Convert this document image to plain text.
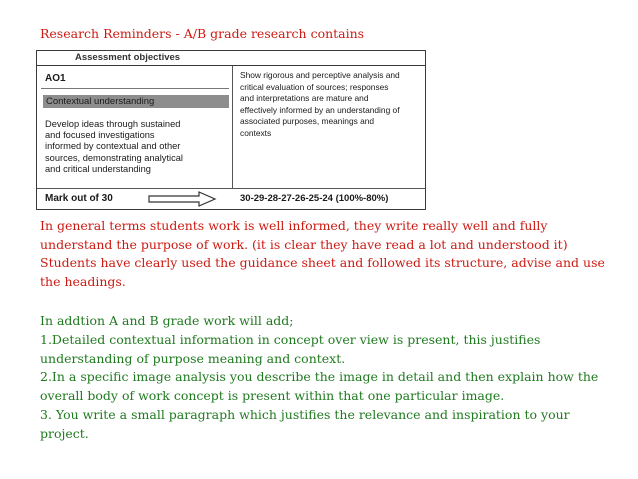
Research Reminders - A/B grade research contains
Assessment objectives
AO1
Contextual understanding
Develop ideas through sustained
and focused investigations
informed by contextual and other
sources, demonstrating analytical
and critical understanding
Show rigorous and perceptive analysis and
critical evaluation of sources; responses
and interpretations are mature and
effectively informed by an understanding of
associated purposes, meanings and
contexts
Mark out of 30	30-29-28-27-26-25-24 (100%-80%)
In general terms students work is well informed, they write really well and fully
understand the purpose of work. (it is clear they have read a lot and understood it)
Students have clearly used the guidance sheet and followed its structure, advise and use
the headings.
In addtion A and B grade work will add;
1.Detailed contextual information in concept over view is present, this justifies
understanding of purpose meaning and context.
2.In a specific image analysis you describe the image in detail and then explain how the
overall body of work concept is present within that one particular image.
3. You write a small paragraph which justifies the relevance and inspiration to your
project.
